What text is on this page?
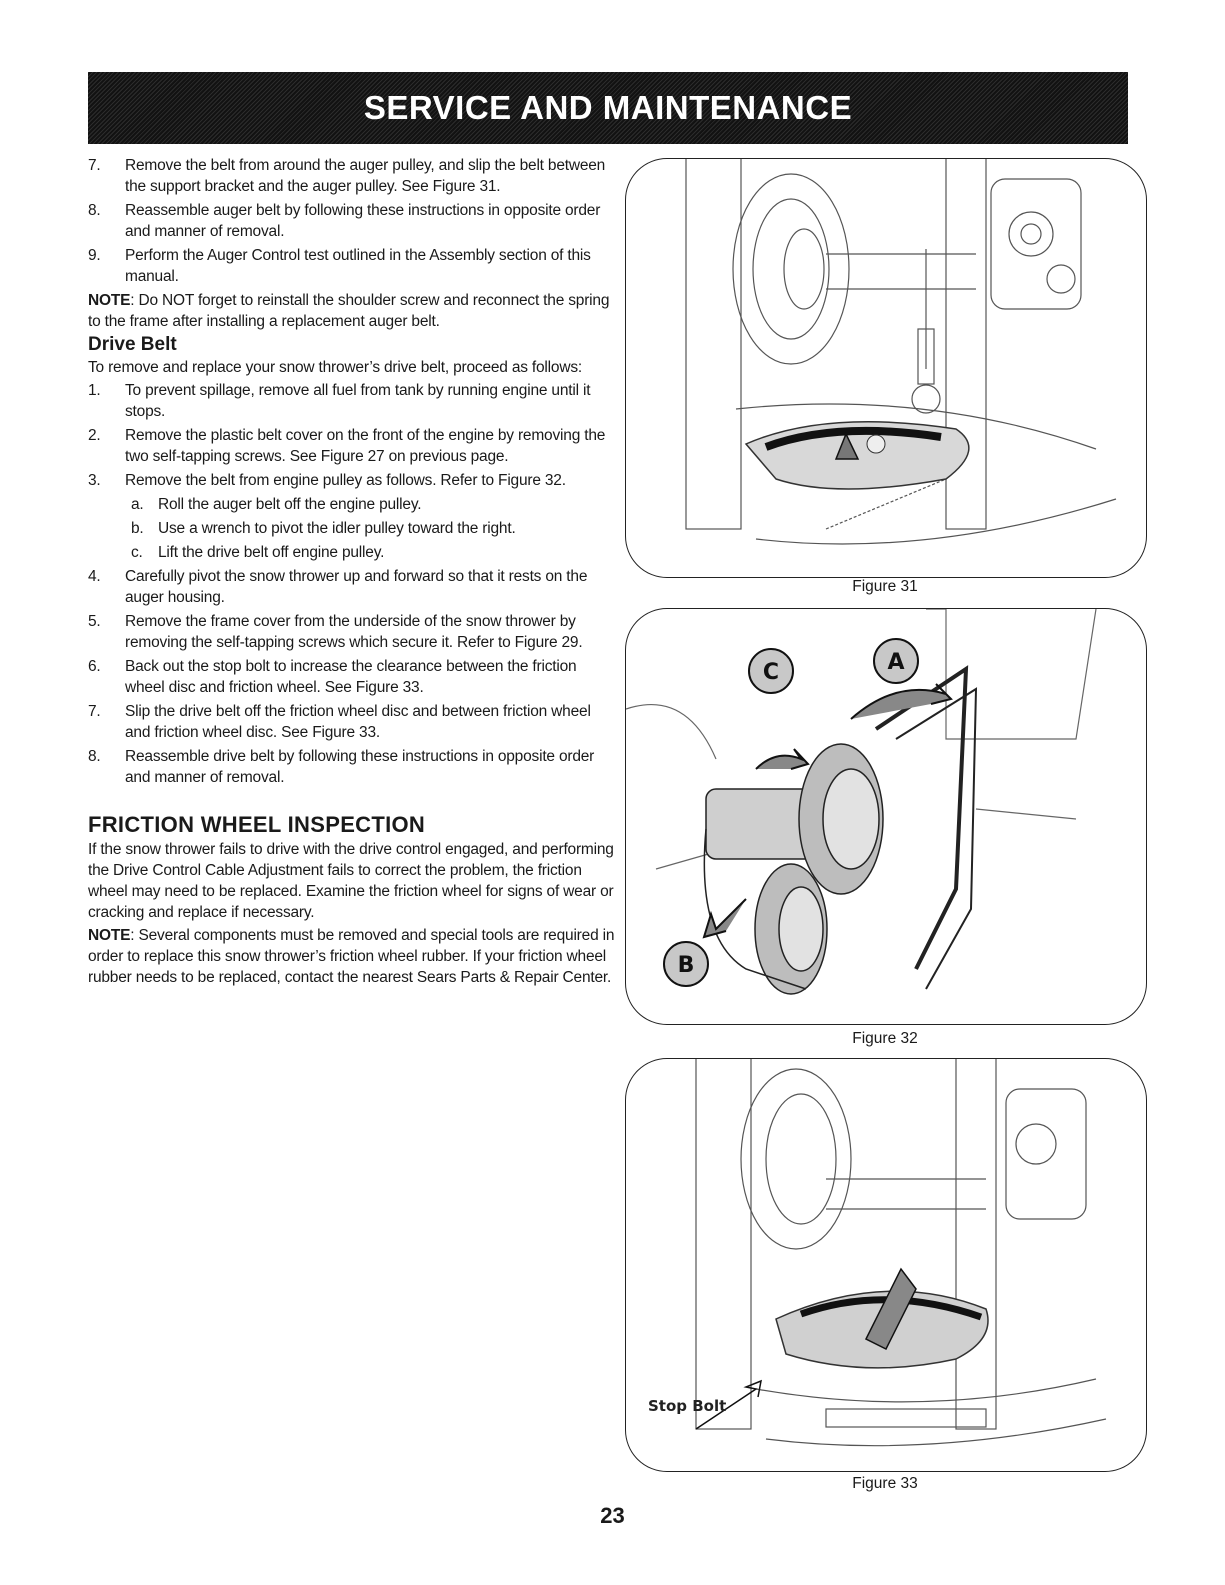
SERVICE AND MAINTENANCE
7. Remove the belt from around the auger pulley, and slip the belt between the support bracket and the auger pulley. See Figure 31.
8. Reassemble auger belt by following these instructions in opposite order and manner of removal.
9. Perform the Auger Control test outlined in the Assembly section of this manual.

NOTE: Do NOT forget to reinstall the shoulder screw and reconnect the spring to the frame after installing a replacement auger belt.

Drive Belt

To remove and replace your snow thrower’s drive belt, proceed as follows:

1. To prevent spillage, remove all fuel from tank by running engine until it stops.
2. Remove the plastic belt cover on the front of the engine by removing the two self-tapping screws. See Figure 27 on previous page.
3. Remove the belt from engine pulley as follows. Refer to Figure 32.
a. Roll the auger belt off the engine pulley.
b. Use a wrench to pivot the idler pulley toward the right.
c. Lift the drive belt off engine pulley.
4. Carefully pivot the snow thrower up and forward so that it rests on the auger housing.
5. Remove the frame cover from the underside of the snow thrower by removing the self-tapping screws which secure it. Refer to Figure 29.
6. Back out the stop bolt to increase the clearance between the friction wheel disc and friction wheel. See Figure 33.
7. Slip the drive belt off the friction wheel disc and between friction wheel and friction wheel disc. See Figure 33.
8. Reassemble drive belt by following these instructions in opposite order and manner of removal.
FRICTION WHEEL INSPECTION

If the snow thrower fails to drive with the drive control engaged, and performing the Drive Control Cable Adjustment fails to correct the problem, the friction wheel may need to be replaced. Examine the friction wheel for signs of wear or cracking and replace if necessary.

NOTE: Several components must be removed and special tools are required in order to replace this snow thrower’s friction wheel rubber. If your friction wheel rubber needs to be replaced, contact the nearest Sears Parts & Repair Center.

Figure 31
C	A
B
Figure 32
Stop Bolt
Figure 33
23
